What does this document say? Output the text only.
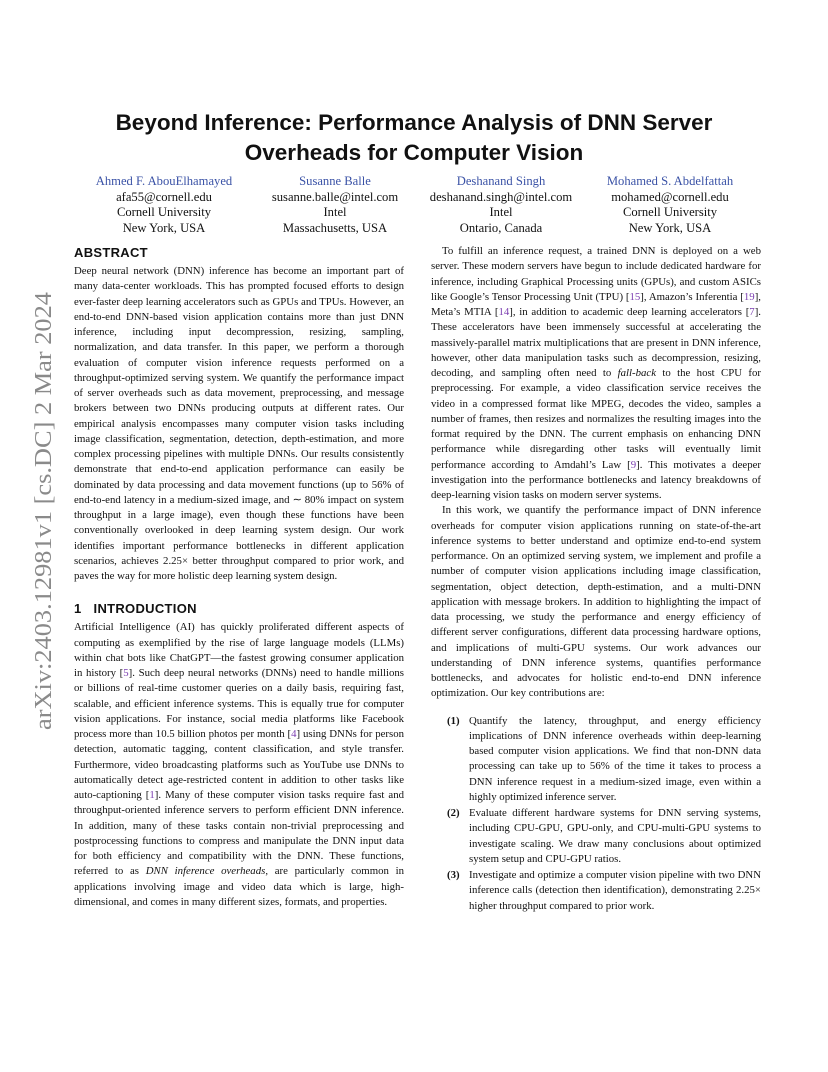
arXiv:2403.12981v1 [cs.DC] 2 Mar 2024
Beyond Inference: Performance Analysis of DNN Server Overheads for Computer Vision
Ahmed F. AbouElhamayed
afa55@cornell.edu
Cornell University
New York, USA
Susanne Balle
susanne.balle@intel.com
Intel
Massachusetts, USA
Deshanand Singh
deshanand.singh@intel.com
Intel
Ontario, Canada
Mohamed S. Abdelfattah
mohamed@cornell.edu
Cornell University
New York, USA
ABSTRACT

Deep neural network (DNN) inference has become an important part of many data-center workloads. This has prompted focused efforts to design ever-faster deep learning accelerators such as GPUs and TPUs. However, an end-to-end DNN-based vision application contains more than just DNN inference, including input decompression, resizing, sampling, normalization, and data transfer. In this paper, we perform a thorough evaluation of computer vision inference requests performed on a throughput-optimized serving system. We quantify the performance impact of server overheads such as data movement, preprocessing, and message brokers between two DNNs producing outputs at different rates. Our empirical analysis encompasses many computer vision tasks including image classification, segmentation, detection, depth-estimation, and more complex processing pipelines with multiple DNNs. Our results consistently demonstrate that end-to-end application performance can easily be dominated by data processing and data movement functions (up to 56% of end-to-end latency in a medium-sized image, and ∼ 80% impact on system throughput in a large image), even though these functions have been conventionally overlooked in deep learning system design. Our work identifies important performance bottlenecks in different application scenarios, achieves 2.25× better throughput compared to prior work, and paves the way for more holistic deep learning system design.

1 INTRODUCTION

Artificial Intelligence (AI) has quickly proliferated different aspects of computing as exemplified by the rise of large language models (LLMs) within chat bots like ChatGPT—the fastest growing consumer application in history [5]. Such deep neural networks (DNNs) need to handle millions or billions of real-time customer queries on a daily basis, requiring fast, scalable, and efficient inference systems. This is equally true for computer vision applications. For instance, social media platforms like Facebook process more than 10.5 billion photos per month [4] using DNNs for person detection, automatic tagging, content classification, and style transfer. Furthermore, video broadcasting platforms such as YouTube use DNNs to automatically detect age-restricted content in addition to other tasks like auto-captioning [1]. Many of these computer vision tasks require fast and throughput-oriented inference servers to perform efficient DNN inference. In addition, many of these tasks contain non-trivial preprocessing and postprocessing functions to compress and manipulate the DNN input data for both efficiency and compatibility with the DNN. These functions, referred to as DNN inference overheads, are particularly common in applications involving image and video data which is large, high-dimensional, and comes in many different sizes, formats, and properties.

To fulfill an inference request, a trained DNN is deployed on a web server. These modern servers have begun to include dedicated hardware for inference, including Graphical Processing units (GPUs), and custom ASICs like Google’s Tensor Processing Unit (TPU) [15], Amazon’s Inferentia [19], Meta’s MTIA [14], in addition to academic deep learning accelerators [7]. These accelerators have been immensely successful at accelerating the massively-parallel matrix multiplications that are present in DNN inference, however, other data manipulation tasks such as decompression, resizing, decoding, and sampling often need to fall-back to the host CPU for preprocessing. For example, a video classification service receives the video in a compressed format like MPEG, decodes the video, samples a number of frames, then resizes and normalizes the resulting images into the format required by the DNN. The current emphasis on enhancing DNN performance while disregarding other tasks will eventually limit performance according to Amdahl’s Law [9]. This motivates a deeper investigation into the performance bottlenecks and latency breakdowns of deep-learning vision tasks on modern server systems.

In this work, we quantify the performance impact of DNN inference overheads for computer vision applications running on state-of-the-art inference systems to better understand and optimize end-to-end system performance. On an optimized serving system, we implement and profile a number of computer vision applications including image classification, segmentation, object detection, depth-estimation, and a multi-DNN application with message brokers. In addition to highlighting the impact of data processing, we study the performance and energy efficiency of different server configurations, different data processing hardware options, and implications of multi-GPU systems. Our work advances our understanding of DNN inference systems, quantifies performance bottlenecks, and advocates for holistic end-to-end DNN inference optimization. Our key contributions are:

(1) Quantify the latency, throughput, and energy efficiency implications of DNN inference overheads within deep-learning based computer vision applications. We find that non-DNN data processing can take up to 56% of the time it takes to process a DNN inference request in a medium-sized image, even within a highly optimized inference server.
(2) Evaluate different hardware systems for DNN serving systems, including CPU-GPU, GPU-only, and CPU-multi-GPU systems to investigate scaling. We draw many conclusions about optimized system setup and CPU-GPU ratios.
(3) Investigate and optimize a computer vision pipeline with two DNN inference calls (detection then identification), demonstrating 2.25× higher throughput compared to prior work.
